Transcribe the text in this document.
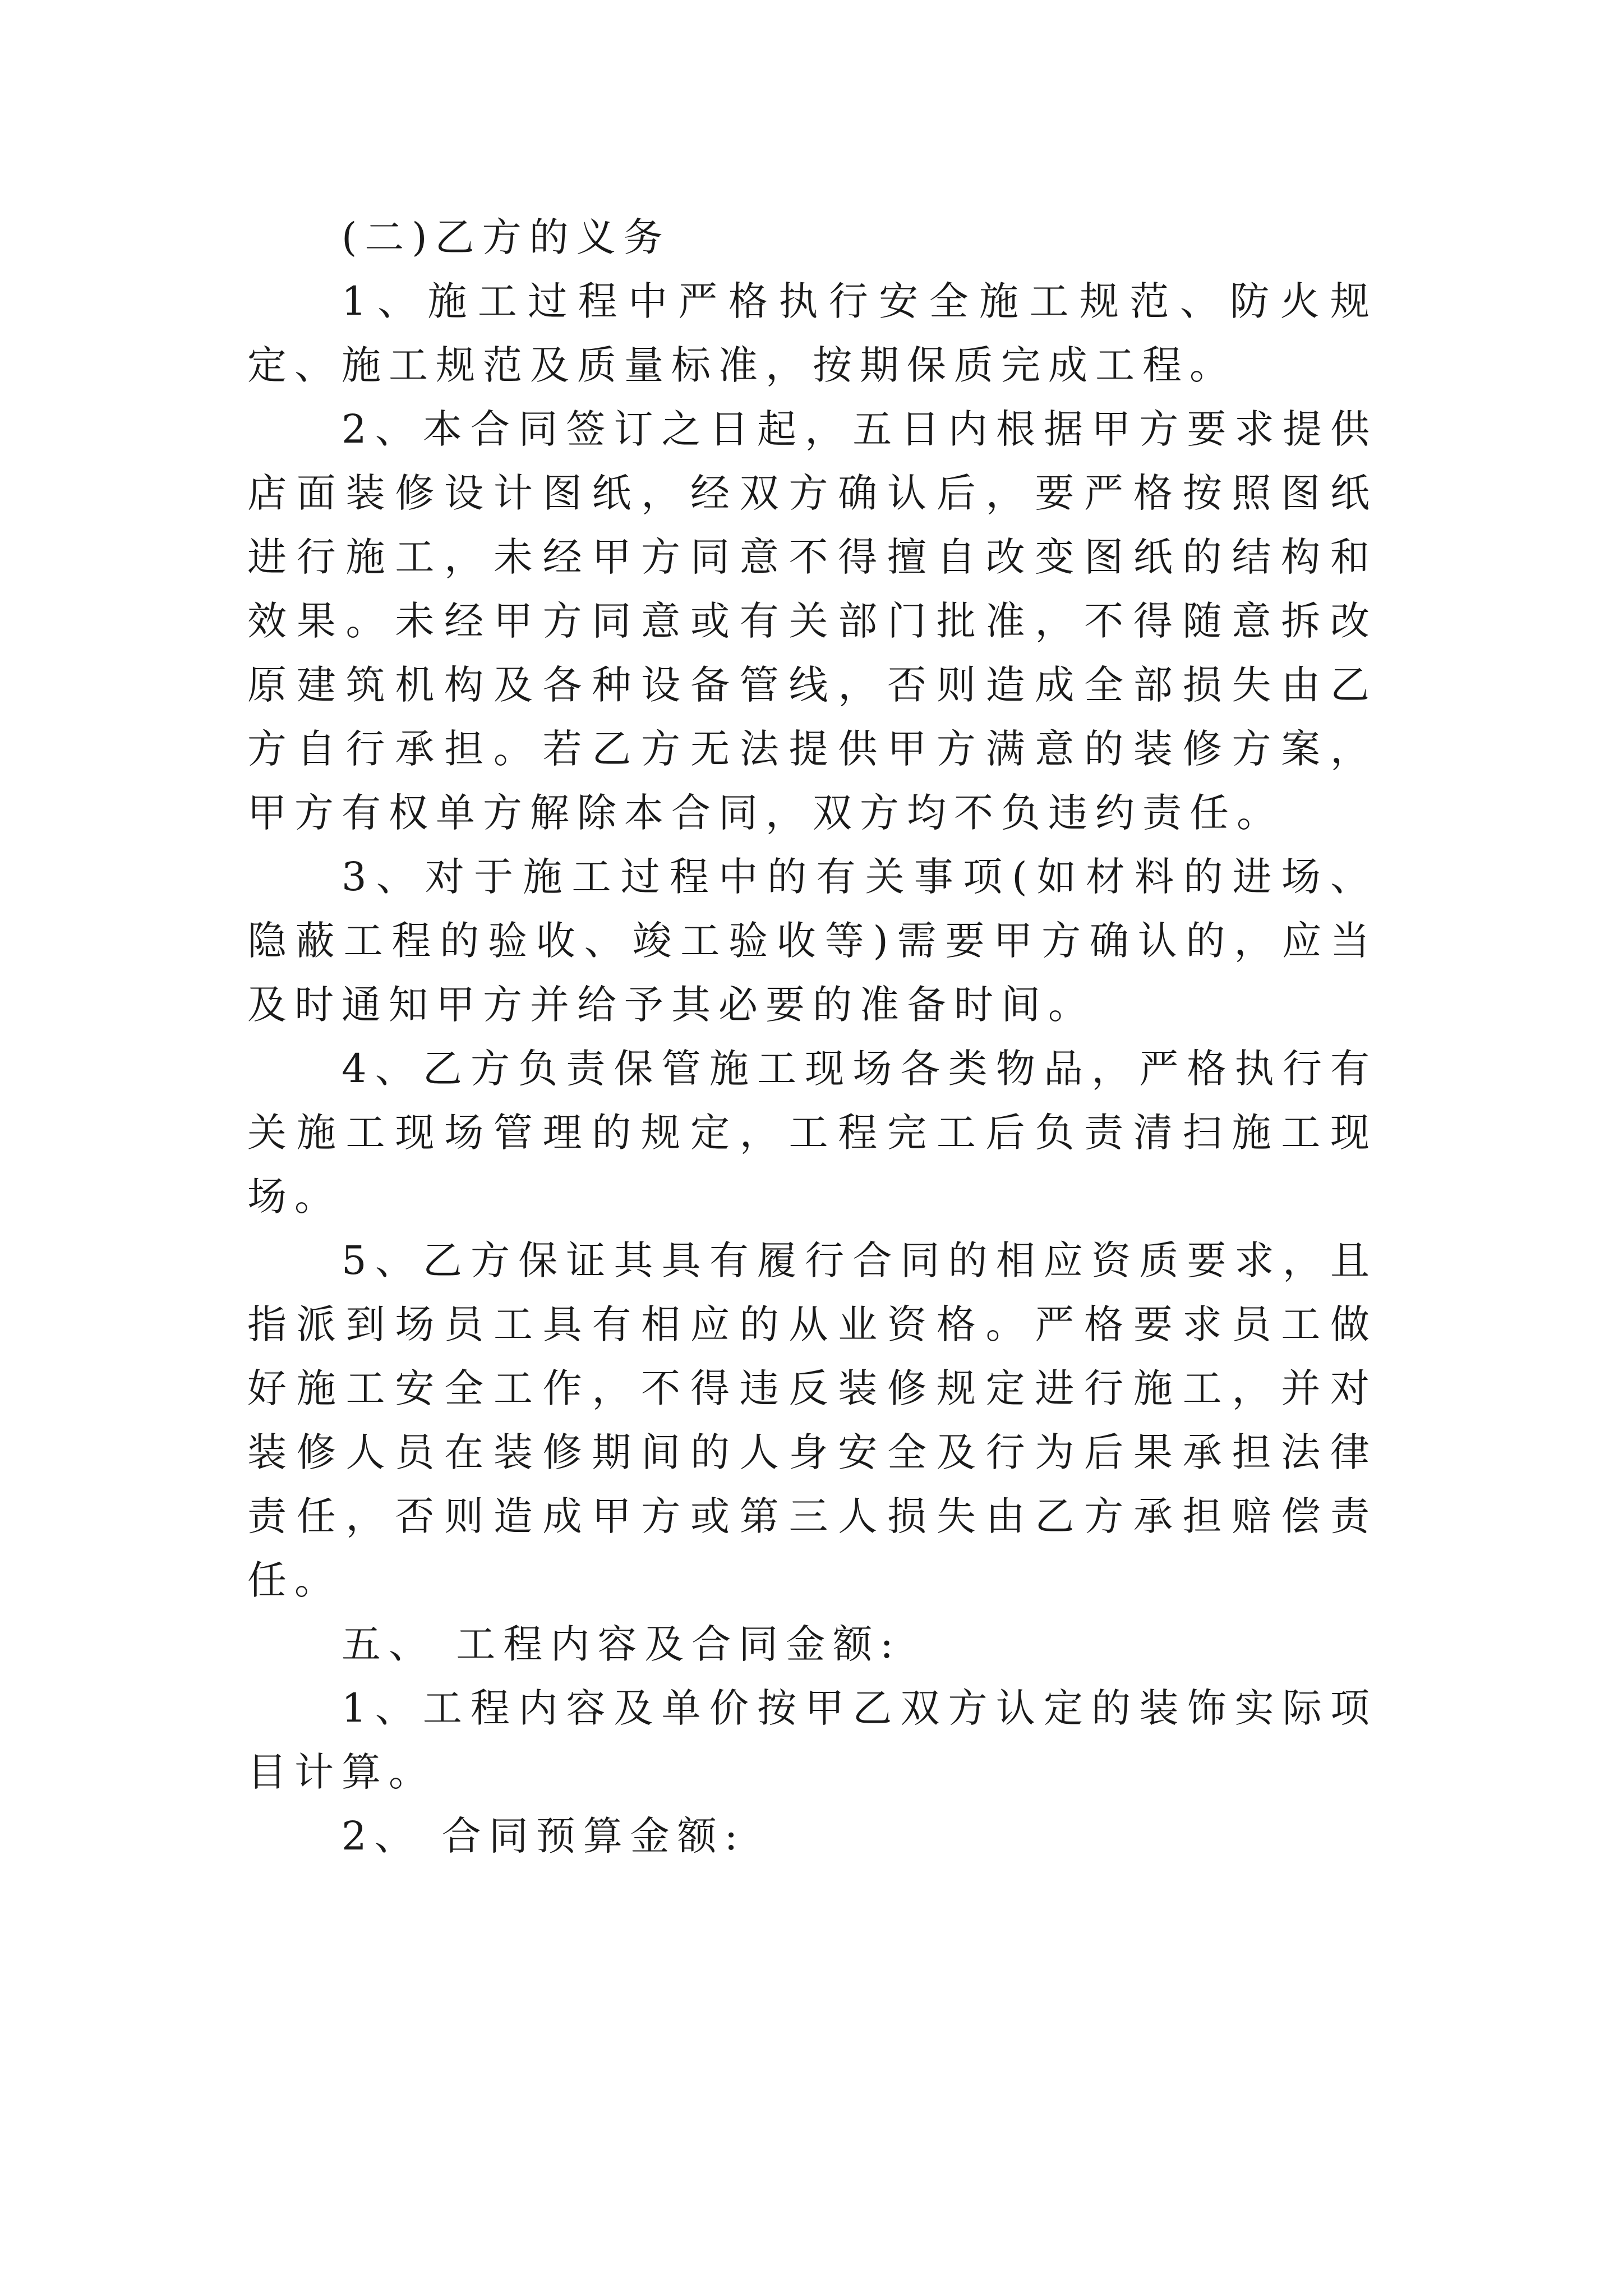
(二)乙方的义务

1、施工过程中严格执行安全施工规范、防火规定、施工规范及质量标准，按期保质完成工程。

2、本合同签订之日起，五日内根据甲方要求提供店面装修设计图纸，经双方确认后，要严格按照图纸进行施工，未经甲方同意不得擅自改变图纸的结构和效果。未经甲方同意或有关部门批准，不得随意拆改原建筑机构及各种设备管线，否则造成全部损失由乙方自行承担。若乙方无法提供甲方满意的装修方案，甲方有权单方解除本合同，双方均不负违约责任。

3、对于施工过程中的有关事项(如材料的进场、隐蔽工程的验收、竣工验收等)需要甲方确认的，应当及时通知甲方并给予其必要的准备时间。

4、乙方负责保管施工现场各类物品，严格执行有关施工现场管理的规定，工程完工后负责清扫施工现场。

5、乙方保证其具有履行合同的相应资质要求，且指派到场员工具有相应的从业资格。严格要求员工做好施工安全工作，不得违反装修规定进行施工，并对装修人员在装修期间的人身安全及行为后果承担法律责任，否则造成甲方或第三人损失由乙方承担赔偿责任。

五、 工程内容及合同金额:

1、工程内容及单价按甲乙双方认定的装饰实际项目计算。

2、 合同预算金额:
